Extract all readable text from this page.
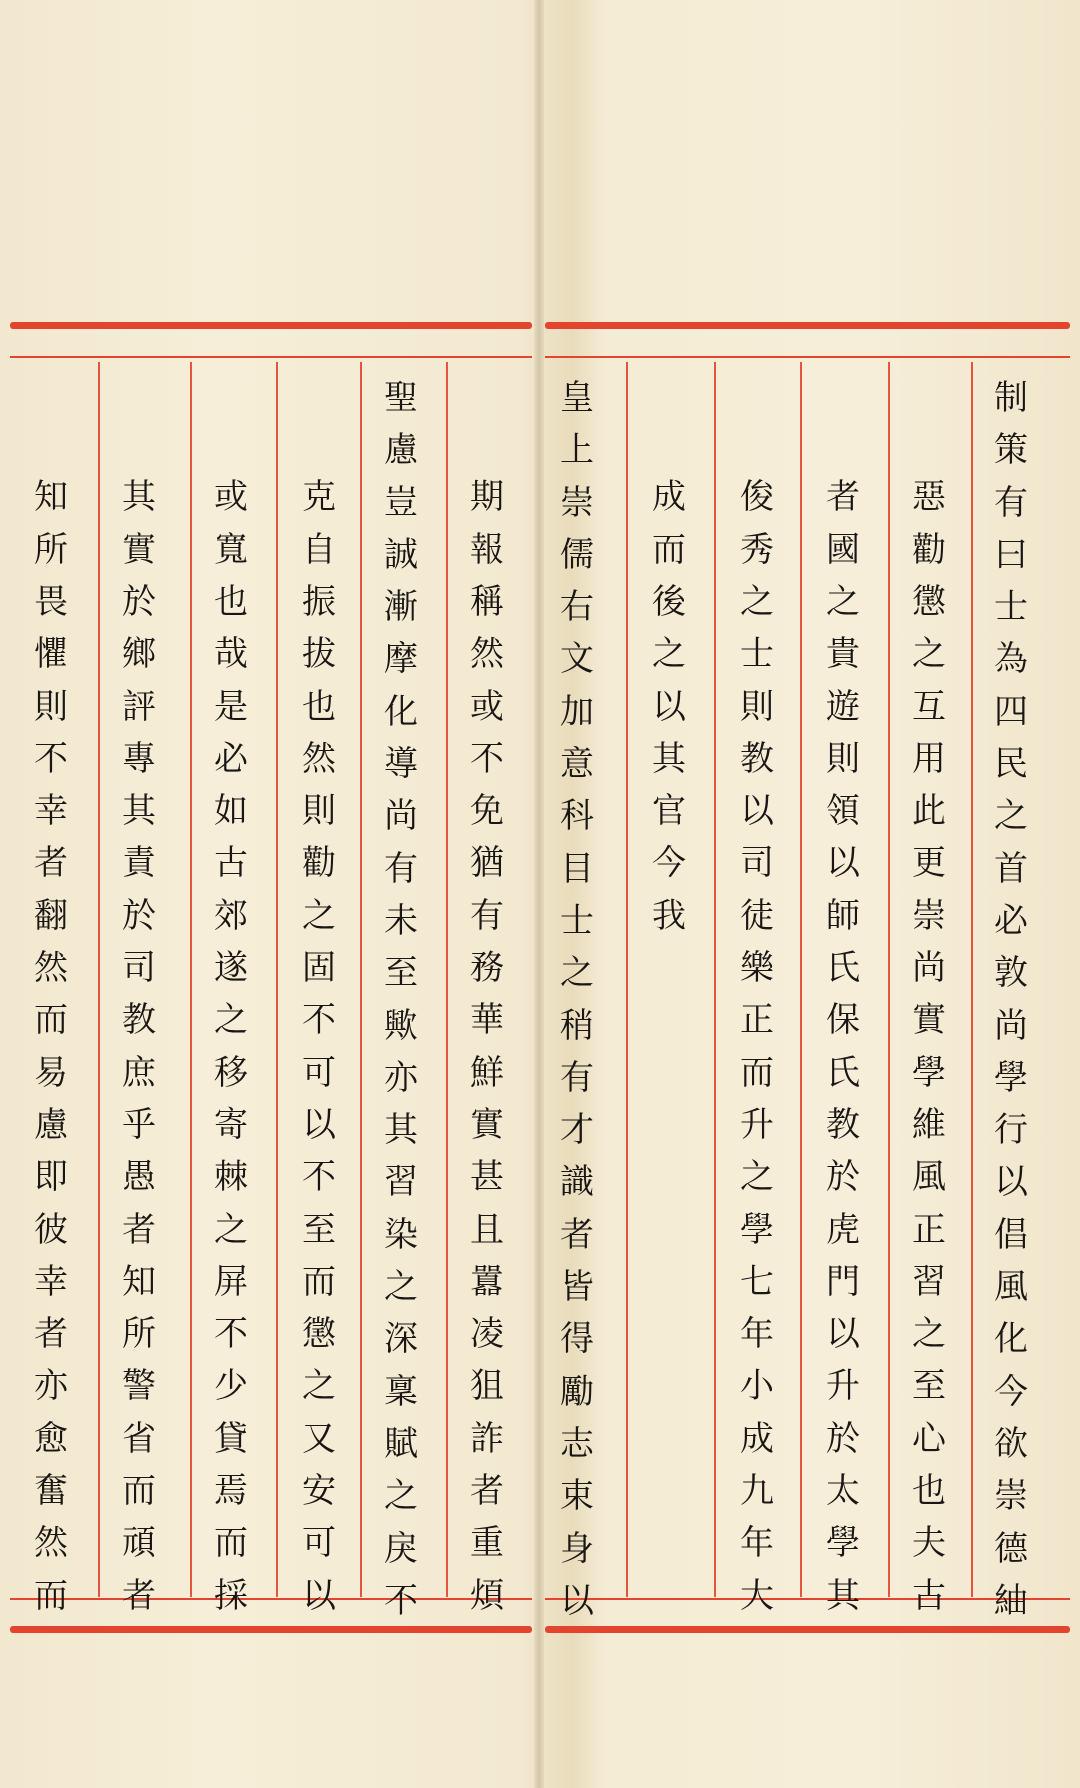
制
策
有
曰
士
為
四
民
之
首
必
敦
尚
學
行
以
倡
風
化
今
欲
崇
德
紬
惡
勸
懲
之
互
用
此
更
崇
尚
實
學
維
風
正
習
之
至
心
也
夫
古
者
國
之
貴
遊
則
領
以
師
氏
保
氏
教
於
虎
門
以
升
於
太
學
其
俊
秀
之
士
則
教
以
司
徒
樂
正
而
升
之
學
七
年
小
成
九
年
大
成
而
後
之
以
其
官
今
我
皇
上
崇
儒
右
文
加
意
科
目
士
之
稍
有
才
識
者
皆
得
勵
志
束
身
以
期
報
稱
然
或
不
免
猶
有
務
華
鮮
實
甚
且
囂
凌
狙
詐
者
重
煩
聖
慮
豈
誠
漸
摩
化
導
尚
有
未
至
歟
亦
其
習
染
之
深
稟
賦
之
戾
不
克
自
振
拔
也
然
則
勸
之
固
不
可
以
不
至
而
懲
之
又
安
可
以
或
寬
也
哉
是
必
如
古
郊
遂
之
移
寄
棘
之
屏
不
少
貸
焉
而
採
其
實
於
鄉
評
專
其
責
於
司
教
庶
乎
愚
者
知
所
警
省
而
頑
者
知
所
畏
懼
則
不
幸
者
翻
然
而
易
慮
即
彼
幸
者
亦
愈
奮
然
而
